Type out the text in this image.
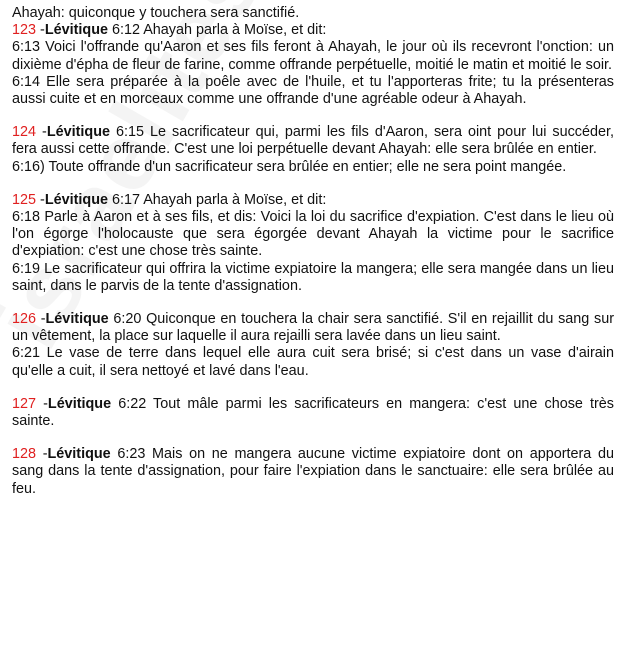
Ahayah: quiconque y touchera sera sanctifié.

123 -Lévitique 6:12 Ahayah parla à Moïse, et dit:

6:13 Voici l'offrande qu'Aaron et ses fils feront à Ahayah, le jour où ils recevront l'onction: un dixième d'épha de fleur de farine, comme offrande perpétuelle, moitié le matin et moitié le soir.

6:14 Elle sera préparée à la poêle avec de l'huile, et tu l'apporteras frite; tu la présenteras aussi cuite et en morceaux comme une offrande d'une agréable odeur à Ahayah.

124 -Lévitique 6:15 Le sacrificateur qui, parmi les fils d'Aaron, sera oint pour lui succéder, fera aussi cette offrande. C'est une loi perpétuelle devant Ahayah: elle sera brûlée en entier.

6:16) Toute offrande d'un sacrificateur sera brûlée en entier; elle ne sera point mangée.

125 -Lévitique 6:17 Ahayah parla à Moïse, et dit:

6:18 Parle à Aaron et à ses fils, et dis: Voici la loi du sacrifice d'expiation. C'est dans le lieu où l'on égorge l'holocauste que sera égorgée devant Ahayah la victime pour le sacrifice d'expiation: c'est une chose très sainte.

6:19 Le sacrificateur qui offrira la victime expiatoire la mangera; elle sera mangée dans un lieu saint, dans le parvis de la tente d'assignation.

126 -Lévitique 6:20 Quiconque en touchera la chair sera sanctifié. S'il en rejaillit du sang sur un vêtement, la place sur laquelle il aura rejailli sera lavée dans un lieu saint.

6:21 Le vase de terre dans lequel elle aura cuit sera brisé; si c'est dans un vase d'airain qu'elle a cuit, il sera nettoyé et lavé dans l'eau.

127 -Lévitique 6:22 Tout mâle parmi les sacrificateurs en mangera: c'est une chose très sainte.

128 -Lévitique 6:23 Mais on ne mangera aucune victime expiatoire dont on apportera du sang dans la tente d'assignation, pour faire l'expiation dans le sanctuaire: elle sera brûlée au feu.
